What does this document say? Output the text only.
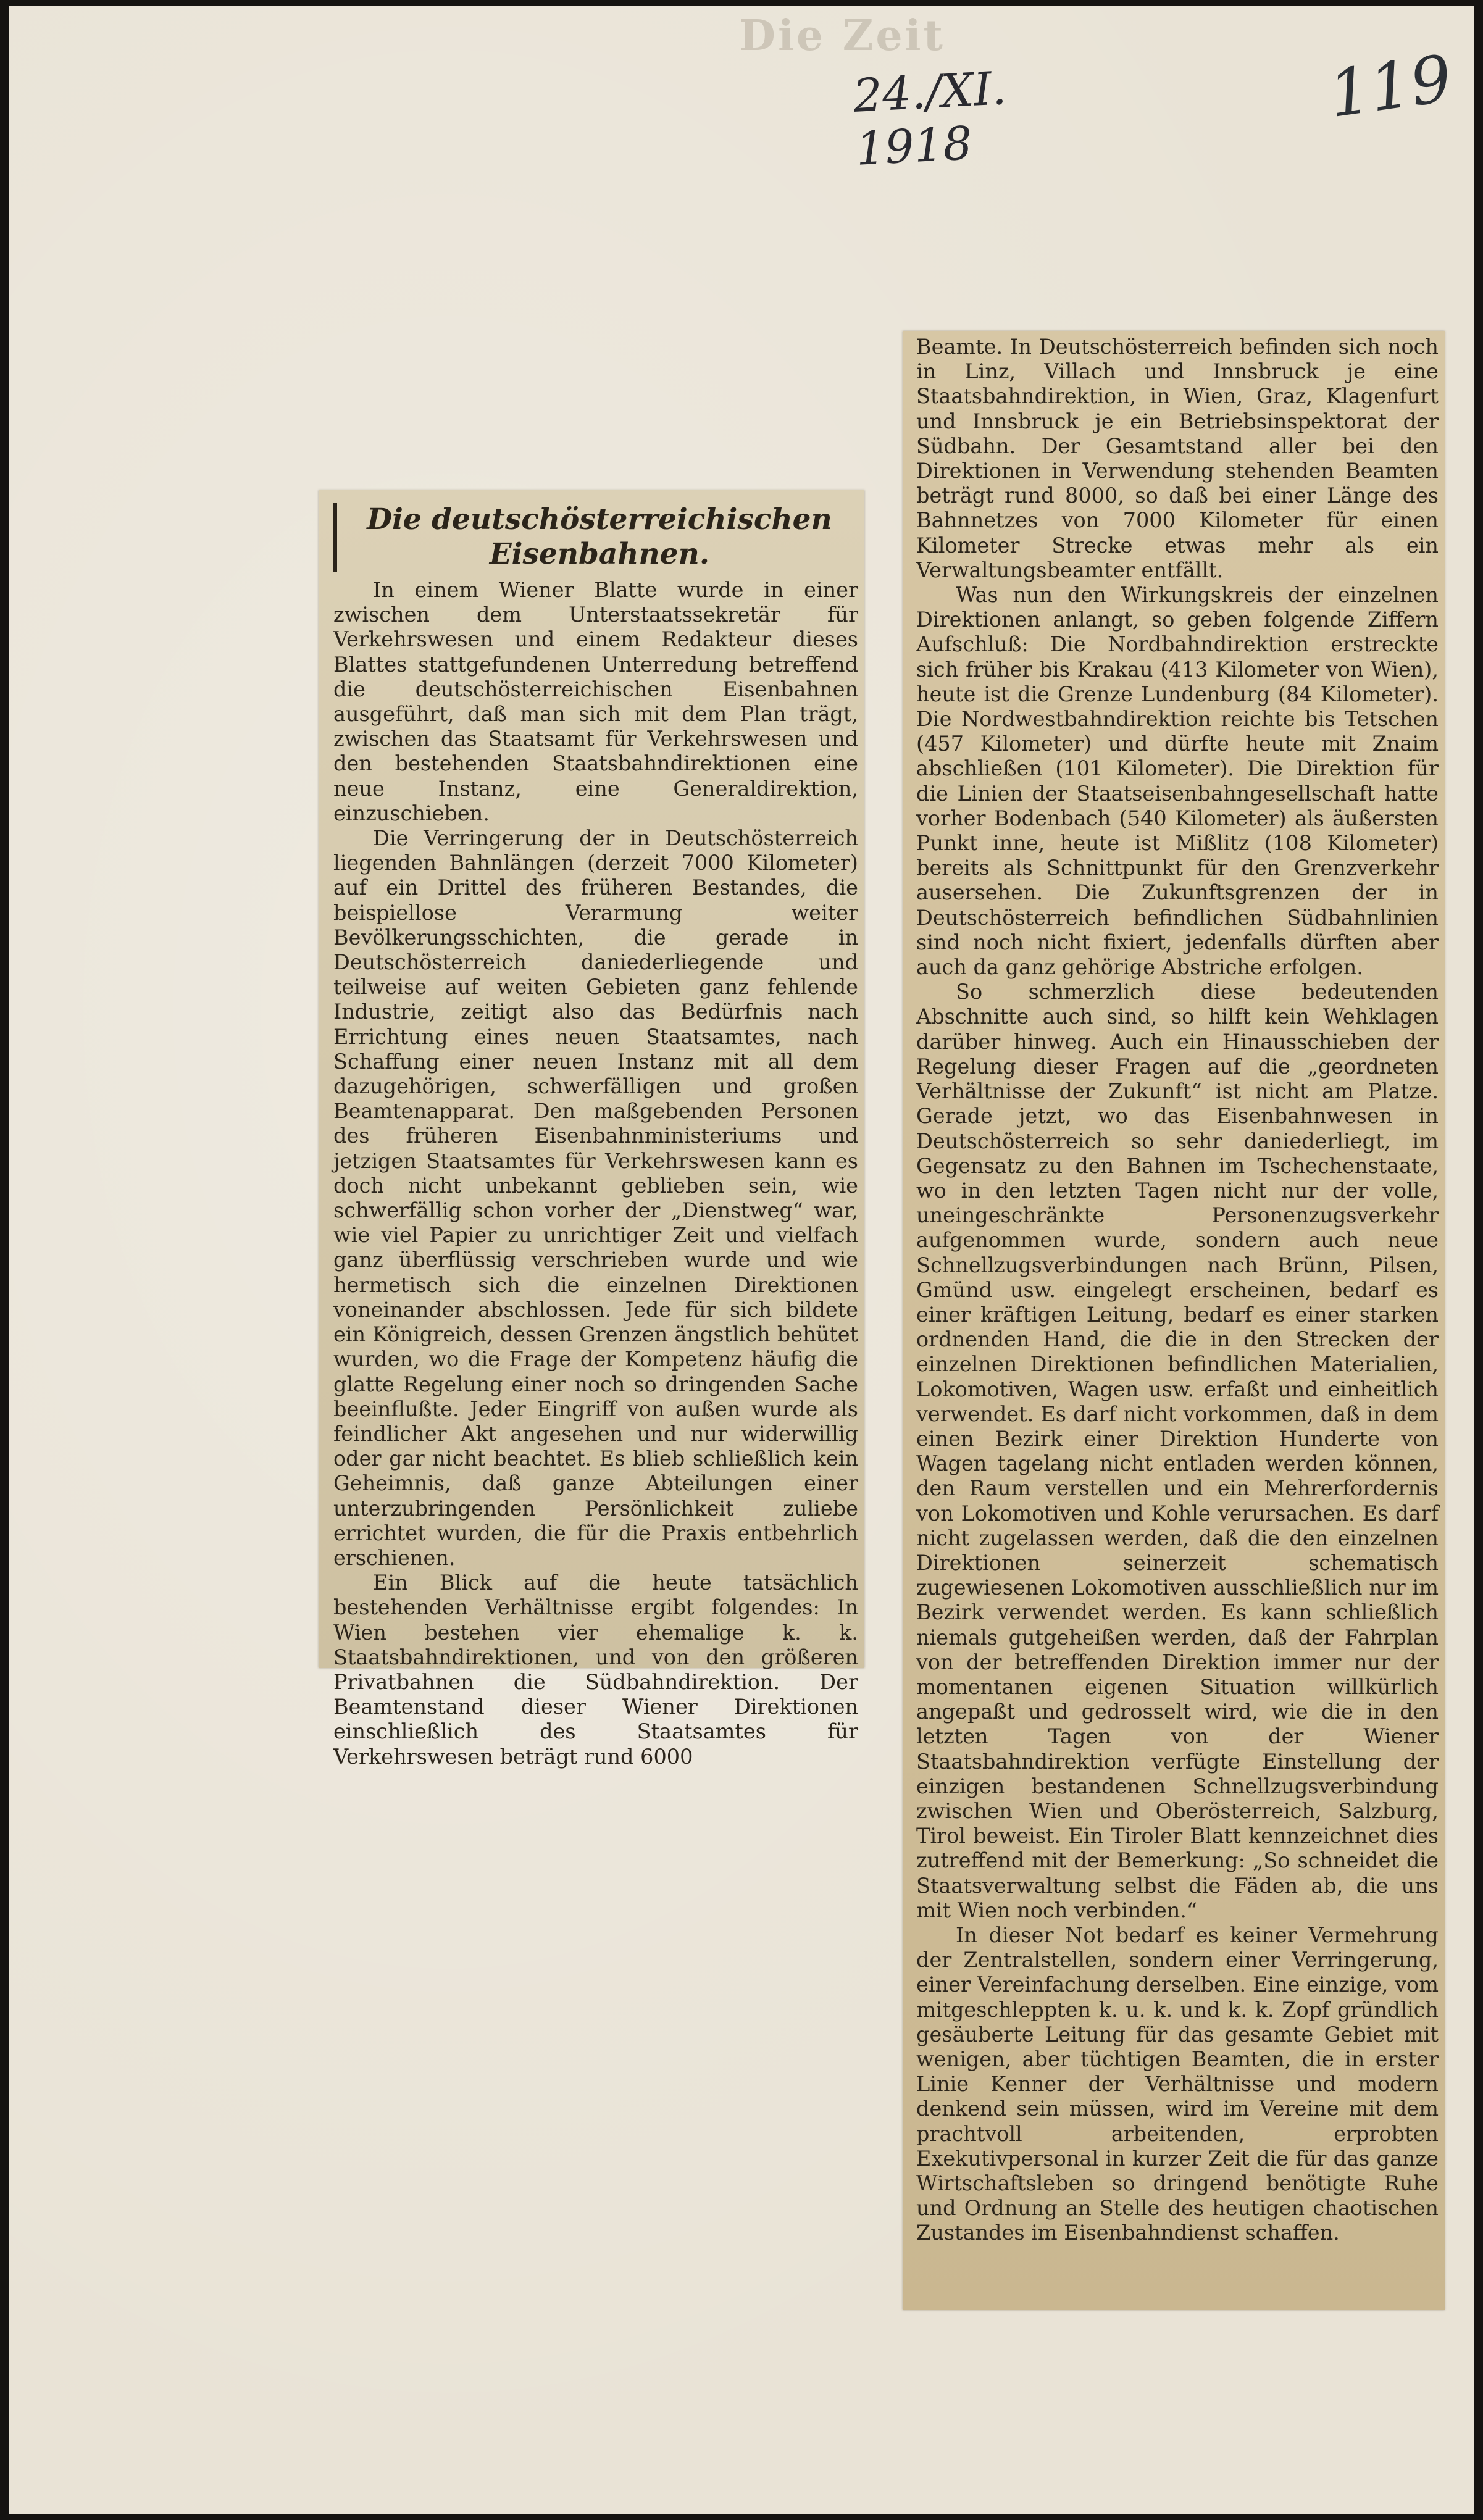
Die Zeit
24./XI. 1918
119
Die deutschösterreichischen Eisenbahnen.

In einem Wiener Blatte wurde in einer zwischen dem Unterstaatssekretär für Verkehrswesen und einem Redakteur dieses Blattes stattgefundenen Unterredung betreffend die deutschösterreichischen Eisenbahnen ausgeführt, daß man sich mit dem Plan trägt, zwischen das Staatsamt für Verkehrswesen und den bestehenden Staatsbahndirektionen eine neue Instanz, eine Generaldirektion, einzuschieben.

Die Verringerung der in Deutschösterreich liegenden Bahnlängen (derzeit 7000 Kilometer) auf ein Drittel des früheren Bestandes, die beispiellose Verarmung weiter Bevölkerungsschichten, die gerade in Deutschösterreich daniederliegende und teilweise auf weiten Gebieten ganz fehlende Industrie, zeitigt also das Bedürfnis nach Errichtung eines neuen Staatsamtes, nach Schaffung einer neuen Instanz mit all dem dazugehörigen, schwerfälligen und großen Beamtenapparat. Den maßgebenden Personen des früheren Eisenbahnministeriums und jetzigen Staatsamtes für Verkehrswesen kann es doch nicht unbekannt geblieben sein, wie schwerfällig schon vorher der „Dienstweg“ war, wie viel Papier zu unrichtiger Zeit und vielfach ganz überflüssig verschrieben wurde und wie hermetisch sich die einzelnen Direktionen voneinander abschlossen. Jede für sich bildete ein Königreich, dessen Grenzen ängstlich behütet wurden, wo die Frage der Kompetenz häufig die glatte Regelung einer noch so dringenden Sache beeinflußte. Jeder Eingriff von außen wurde als feindlicher Akt angesehen und nur widerwillig oder gar nicht beachtet. Es blieb schließlich kein Geheimnis, daß ganze Abteilungen einer unterzubringenden Persönlichkeit zuliebe errichtet wurden, die für die Praxis entbehrlich erschienen.

Ein Blick auf die heute tatsächlich bestehenden Verhältnisse ergibt folgendes: In Wien bestehen vier ehemalige k. k. Staatsbahndirektionen, und von den größeren Privatbahnen die Südbahndirektion. Der Beamtenstand dieser Wiener Direktionen einschließlich des Staatsamtes für Verkehrswesen beträgt rund 6000

Beamte. In Deutschösterreich befinden sich noch in Linz, Villach und Innsbruck je eine Staatsbahndirektion, in Wien, Graz, Klagenfurt und Innsbruck je ein Betriebsinspektorat der Südbahn. Der Gesamtstand aller bei den Direktionen in Verwendung stehenden Beamten beträgt rund 8000, so daß bei einer Länge des Bahnnetzes von 7000 Kilometer für einen Kilometer Strecke etwas mehr als ein Verwaltungsbeamter entfällt.

Was nun den Wirkungskreis der einzelnen Direktionen anlangt, so geben folgende Ziffern Aufschluß: Die Nordbahndirektion erstreckte sich früher bis Krakau (413 Kilometer von Wien), heute ist die Grenze Lundenburg (84 Kilometer). Die Nordwestbahndirektion reichte bis Tetschen (457 Kilometer) und dürfte heute mit Znaim abschließen (101 Kilometer). Die Direktion für die Linien der Staatseisenbahngesellschaft hatte vorher Bodenbach (540 Kilometer) als äußersten Punkt inne, heute ist Mißlitz (108 Kilometer) bereits als Schnittpunkt für den Grenzverkehr ausersehen. Die Zukunftsgrenzen der in Deutschösterreich befindlichen Südbahnlinien sind noch nicht fixiert, jedenfalls dürften aber auch da ganz gehörige Abstriche erfolgen.

So schmerzlich diese bedeutenden Abschnitte auch sind, so hilft kein Wehklagen darüber hinweg. Auch ein Hinausschieben der Regelung dieser Fragen auf die „geordneten Verhältnisse der Zukunft“ ist nicht am Platze. Gerade jetzt, wo das Eisenbahnwesen in Deutschösterreich so sehr daniederliegt, im Gegensatz zu den Bahnen im Tschechenstaate, wo in den letzten Tagen nicht nur der volle, uneingeschränkte Personenzugsverkehr aufgenommen wurde, sondern auch neue Schnellzugsverbindungen nach Brünn, Pilsen, Gmünd usw. eingelegt erscheinen, bedarf es einer kräftigen Leitung, bedarf es einer starken ordnenden Hand, die die in den Strecken der einzelnen Direktionen befindlichen Materialien, Lokomotiven, Wagen usw. erfaßt und einheitlich verwendet. Es darf nicht vorkommen, daß in dem einen Bezirk einer Direktion Hunderte von Wagen tagelang nicht entladen werden können, den Raum verstellen und ein Mehrerfordernis von Lokomotiven und Kohle verursachen. Es darf nicht zugelassen werden, daß die den einzelnen Direktionen seinerzeit schematisch zugewiesenen Lokomotiven ausschließlich nur im Bezirk verwendet werden. Es kann schließlich niemals gutgeheißen werden, daß der Fahrplan von der betreffenden Direktion immer nur der momentanen eigenen Situation willkürlich angepaßt und gedrosselt wird, wie die in den letzten Tagen von der Wiener Staatsbahndirektion verfügte Einstellung der einzigen bestandenen Schnellzugsverbindung zwischen Wien und Oberösterreich, Salzburg, Tirol beweist. Ein Tiroler Blatt kennzeichnet dies zutreffend mit der Bemerkung: „So schneidet die Staatsverwaltung selbst die Fäden ab, die uns mit Wien noch verbinden.“

In dieser Not bedarf es keiner Vermehrung der Zentralstellen, sondern einer Verringerung, einer Vereinfachung derselben. Eine einzige, vom mitgeschleppten k. u. k. und k. k. Zopf gründlich gesäuberte Leitung für das gesamte Gebiet mit wenigen, aber tüchtigen Beamten, die in erster Linie Kenner der Verhältnisse und modern denkend sein müssen, wird im Vereine mit dem prachtvoll arbeitenden, erprobten Exekutivpersonal in kurzer Zeit die für das ganze Wirtschaftsleben so dringend benötigte Ruhe und Ordnung an Stelle des heutigen chaotischen Zustandes im Eisenbahndienst schaffen.
